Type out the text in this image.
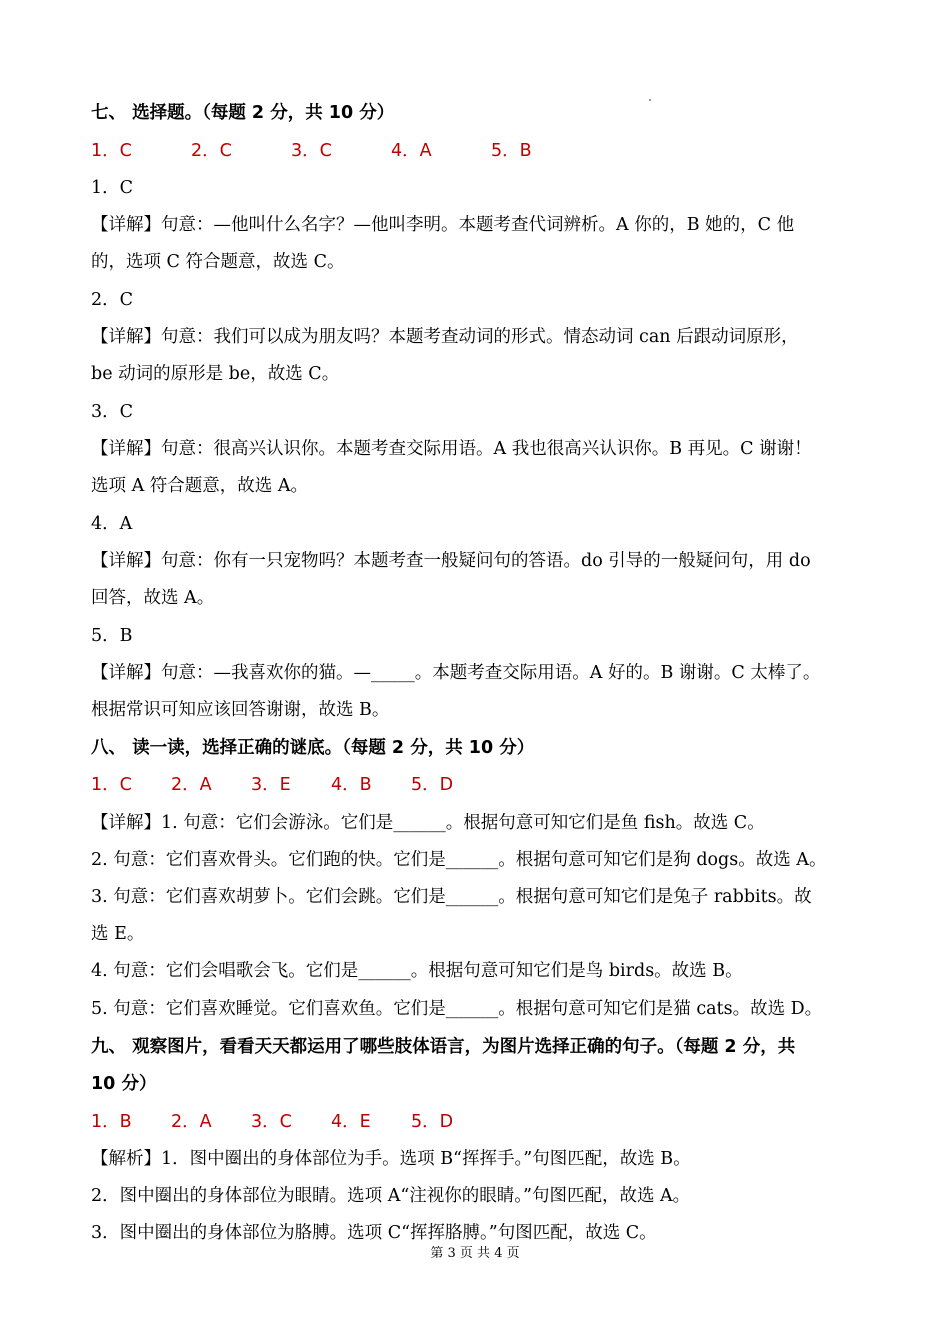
七、 选择题。（每题 2 分，共 10 分）
1．C	2．C	3．C	4．A	5．B
1．C
【详解】句意：—他叫什么名字？—他叫李明。本题考查代词辨析。A 你的，B 她的，C 他
的，选项 C 符合题意，故选 C。
2．C
【详解】句意：我们可以成为朋友吗？本题考查动词的形式。情态动词 can 后跟动词原形，
be 动词的原形是 be，故选 C。
3．C
【详解】句意：很高兴认识你。本题考查交际用语。A 我也很高兴认识你。B 再见。C 谢谢！
选项 A 符合题意，故选 A。
4．A
【详解】句意：你有一只宠物吗？本题考查一般疑问句的答语。do 引导的一般疑问句，用 do
回答，故选 A。
5．B
【详解】句意：—我喜欢你的猫。—_____。本题考查交际用语。A 好的。B 谢谢。C 太棒了。
根据常识可知应该回答谢谢，故选 B。
八、 读一读，选择正确的谜底。（每题 2 分，共 10 分）
1．C 2．A 3．E 4．B 5．D
【详解】1. 句意：它们会游泳。它们是______。根据句意可知它们是鱼 fish。故选 C。
2. 句意：它们喜欢骨头。它们跑的快。它们是______。根据句意可知它们是狗 dogs。故选 A。
3. 句意：它们喜欢胡萝卜。它们会跳。它们是______。根据句意可知它们是兔子 rabbits。故
选 E。
4. 句意：它们会唱歌会飞。它们是______。根据句意可知它们是鸟 birds。故选 B。
5. 句意：它们喜欢睡觉。它们喜欢鱼。它们是______。根据句意可知它们是猫 cats。故选 D。
九、 观察图片，看看天天都运用了哪些肢体语言，为图片选择正确的句子。（每题 2 分，共
10 分）
1．B 2．A 3．C 4．E 5．D
【解析】1．图中圈出的身体部位为手。选项 B“挥挥手。”句图匹配，故选 B。
2．图中圈出的身体部位为眼睛。选项 A“注视你的眼睛。”句图匹配，故选 A。
3．图中圈出的身体部位为胳膊。选项 C“挥挥胳膊。”句图匹配，故选 C。
第 3 页 共 4 页
